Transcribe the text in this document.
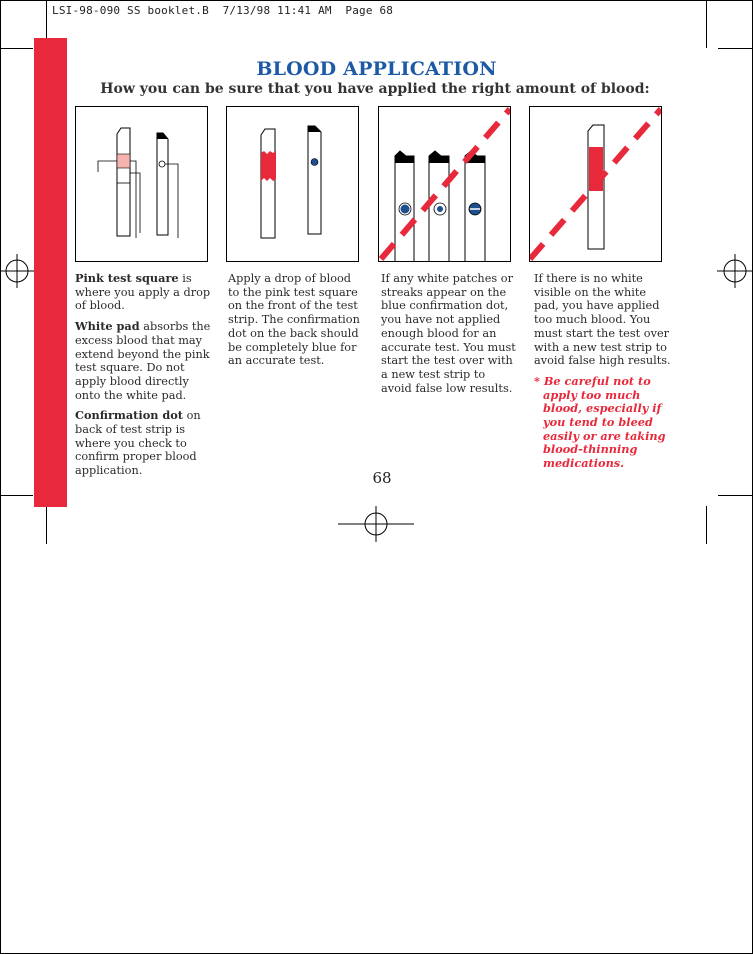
LSI-98-090 SS booklet.B  7/13/98 11:41 AM  Page 68
BLOOD APPLICATION
How you can be sure that you have applied the right amount of blood:

Pink test square is where you apply a drop of blood.

White pad absorbs the excess blood that may extend beyond the pink test square. Do not apply blood directly onto the white pad.

Confirmation dot on back of test strip is where you check to confirm proper blood application.

Apply a drop of blood to the pink test square on the front of the test strip. The confirmation dot on the back should be completely blue for an accurate test.

If any white patches or streaks appear on the blue confirmation dot, you have not applied enough blood for an accurate test. You must start the test over with a new test strip to avoid false low results.

If there is no white visible on the white pad, you have applied too much blood. You must start the test over with a new test strip to avoid false high results.

* Be careful not to apply too much blood, especially if you tend to bleed easily or are taking blood-thinning medications.

68
